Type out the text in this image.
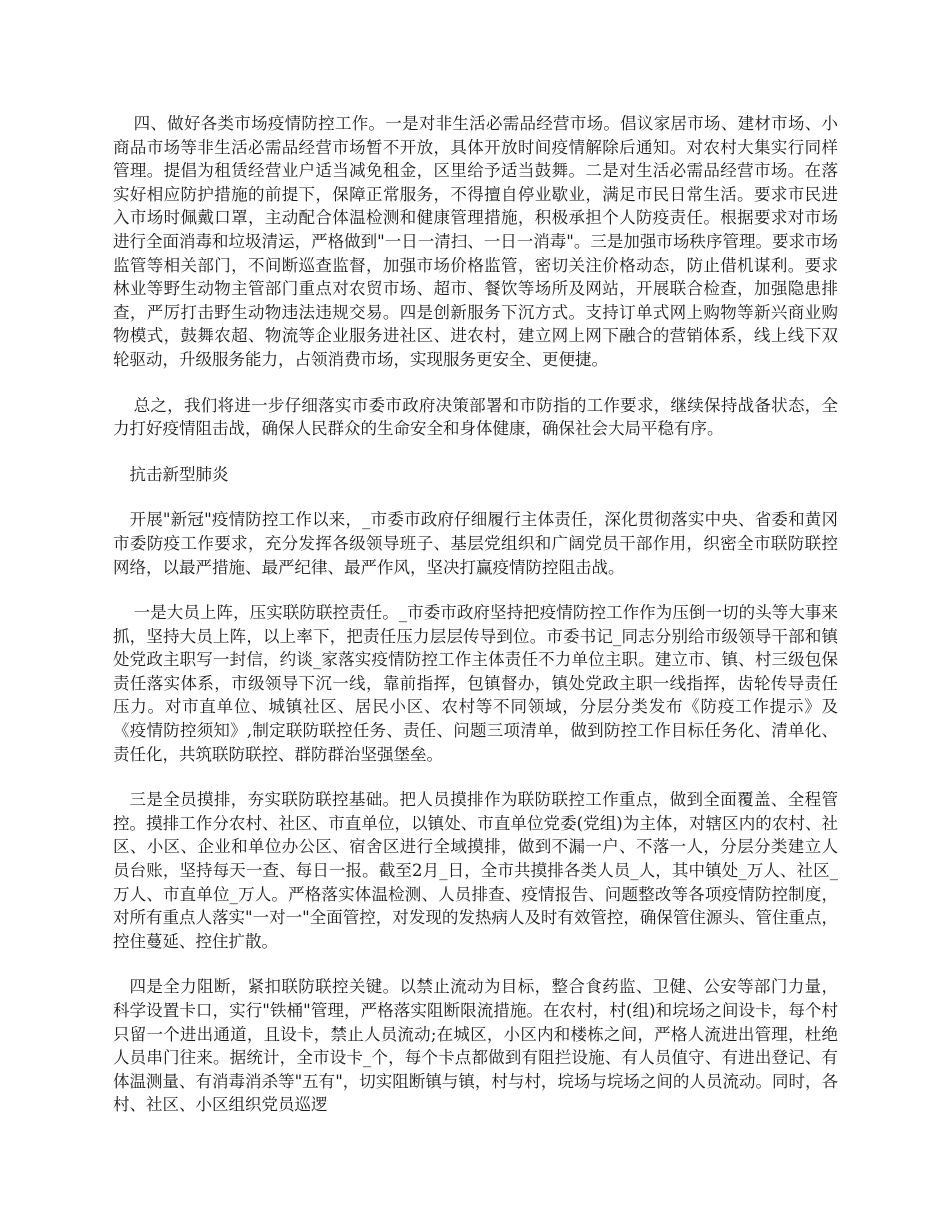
四、做好各类市场疫情防控工作。一是对非生活必需品经营市场。倡议家居市场、建材市场、小商品市场等非生活必需品经营市场暂不开放，具体开放时间疫情解除后通知。对农村大集实行同样管理。提倡为租赁经营业户适当减免租金，区里给予适当鼓舞。二是对生活必需品经营市场。在落实好相应防护措施的前提下，保障正常服务，不得擅自停业歇业，满足市民日常生活。要求市民进入市场时佩戴口罩，主动配合体温检测和健康管理措施，积极承担个人防疫责任。根据要求对市场进行全面消毒和垃圾清运，严格做到"一日一清扫、一日一消毒"。三是加强市场秩序管理。要求市场监管等相关部门，不间断巡查监督，加强市场价格监管，密切关注价格动态，防止借机谋利。要求林业等野生动物主管部门重点对农贸市场、超市、餐饮等场所及网站，开展联合检查，加强隐患排查，严厉打击野生动物违法违规交易。四是创新服务下沉方式。支持订单式网上购物等新兴商业购物模式，鼓舞农超、物流等企业服务进社区、进农村，建立网上网下融合的营销体系，线上线下双轮驱动，升级服务能力，占领消费市场，实现服务更安全、更便捷。

总之，我们将进一步仔细落实市委市政府决策部署和市防指的工作要求，继续保持战备状态，全力打好疫情阻击战，确保人民群众的生命安全和身体健康，确保社会大局平稳有序。

抗击新型肺炎

开展"新冠"疫情防控工作以来，_市委市政府仔细履行主体责任，深化贯彻落实中央、省委和黄冈市委防疫工作要求，充分发挥各级领导班子、基层党组织和广阔党员干部作用，织密全市联防联控网络，以最严措施、最严纪律、最严作风，坚决打赢疫情防控阻击战。

一是大员上阵，压实联防联控责任。_市委市政府坚持把疫情防控工作作为压倒一切的头等大事来抓，坚持大员上阵，以上率下，把责任压力层层传导到位。市委书记_同志分别给市级领导干部和镇处党政主职写一封信，约谈_家落实疫情防控工作主体责任不力单位主职。建立市、镇、村三级包保责任落实体系，市级领导下沉一线，靠前指挥，包镇督办，镇处党政主职一线指挥，齿轮传导责任压力。对市直单位、城镇社区、居民小区、农村等不同领域，分层分类发布《防疫工作提示》及《疫情防控须知》,制定联防联控任务、责任、问题三项清单，做到防控工作目标任务化、清单化、责任化，共筑联防联控、群防群治坚强堡垒。

三是全员摸排，夯实联防联控基础。把人员摸排作为联防联控工作重点，做到全面覆盖、全程管控。摸排工作分农村、社区、市直单位，以镇处、市直单位党委(党组)为主体，对辖区内的农村、社区、小区、企业和单位办公区、宿舍区进行全域摸排，做到不漏一户、不落一人，分层分类建立人员台账，坚持每天一查、每日一报。截至2月_日，全市共摸排各类人员_人，其中镇处_万人、社区_万人、市直单位_万人。严格落实体温检测、人员排查、疫情报告、问题整改等各项疫情防控制度，对所有重点人落实"一对一"全面管控，对发现的发热病人及时有效管控，确保管住源头、管住重点，控住蔓延、控住扩散。

四是全力阻断，紧扣联防联控关键。以禁止流动为目标，整合食药监、卫健、公安等部门力量，科学设置卡口，实行"铁桶"管理，严格落实阻断限流措施。在农村，村(组)和垸场之间设卡，每个村只留一个进出通道，且设卡，禁止人员流动;在城区，小区内和楼栋之间，严格人流进出管理，杜绝人员串门往来。据统计，全市设卡_个，每个卡点都做到有阻拦设施、有人员值守、有进出登记、有体温测量、有消毒消杀等"五有"，切实阻断镇与镇，村与村，垸场与垸场之间的人员流动。同时，各村、社区、小区组织党员巡逻
